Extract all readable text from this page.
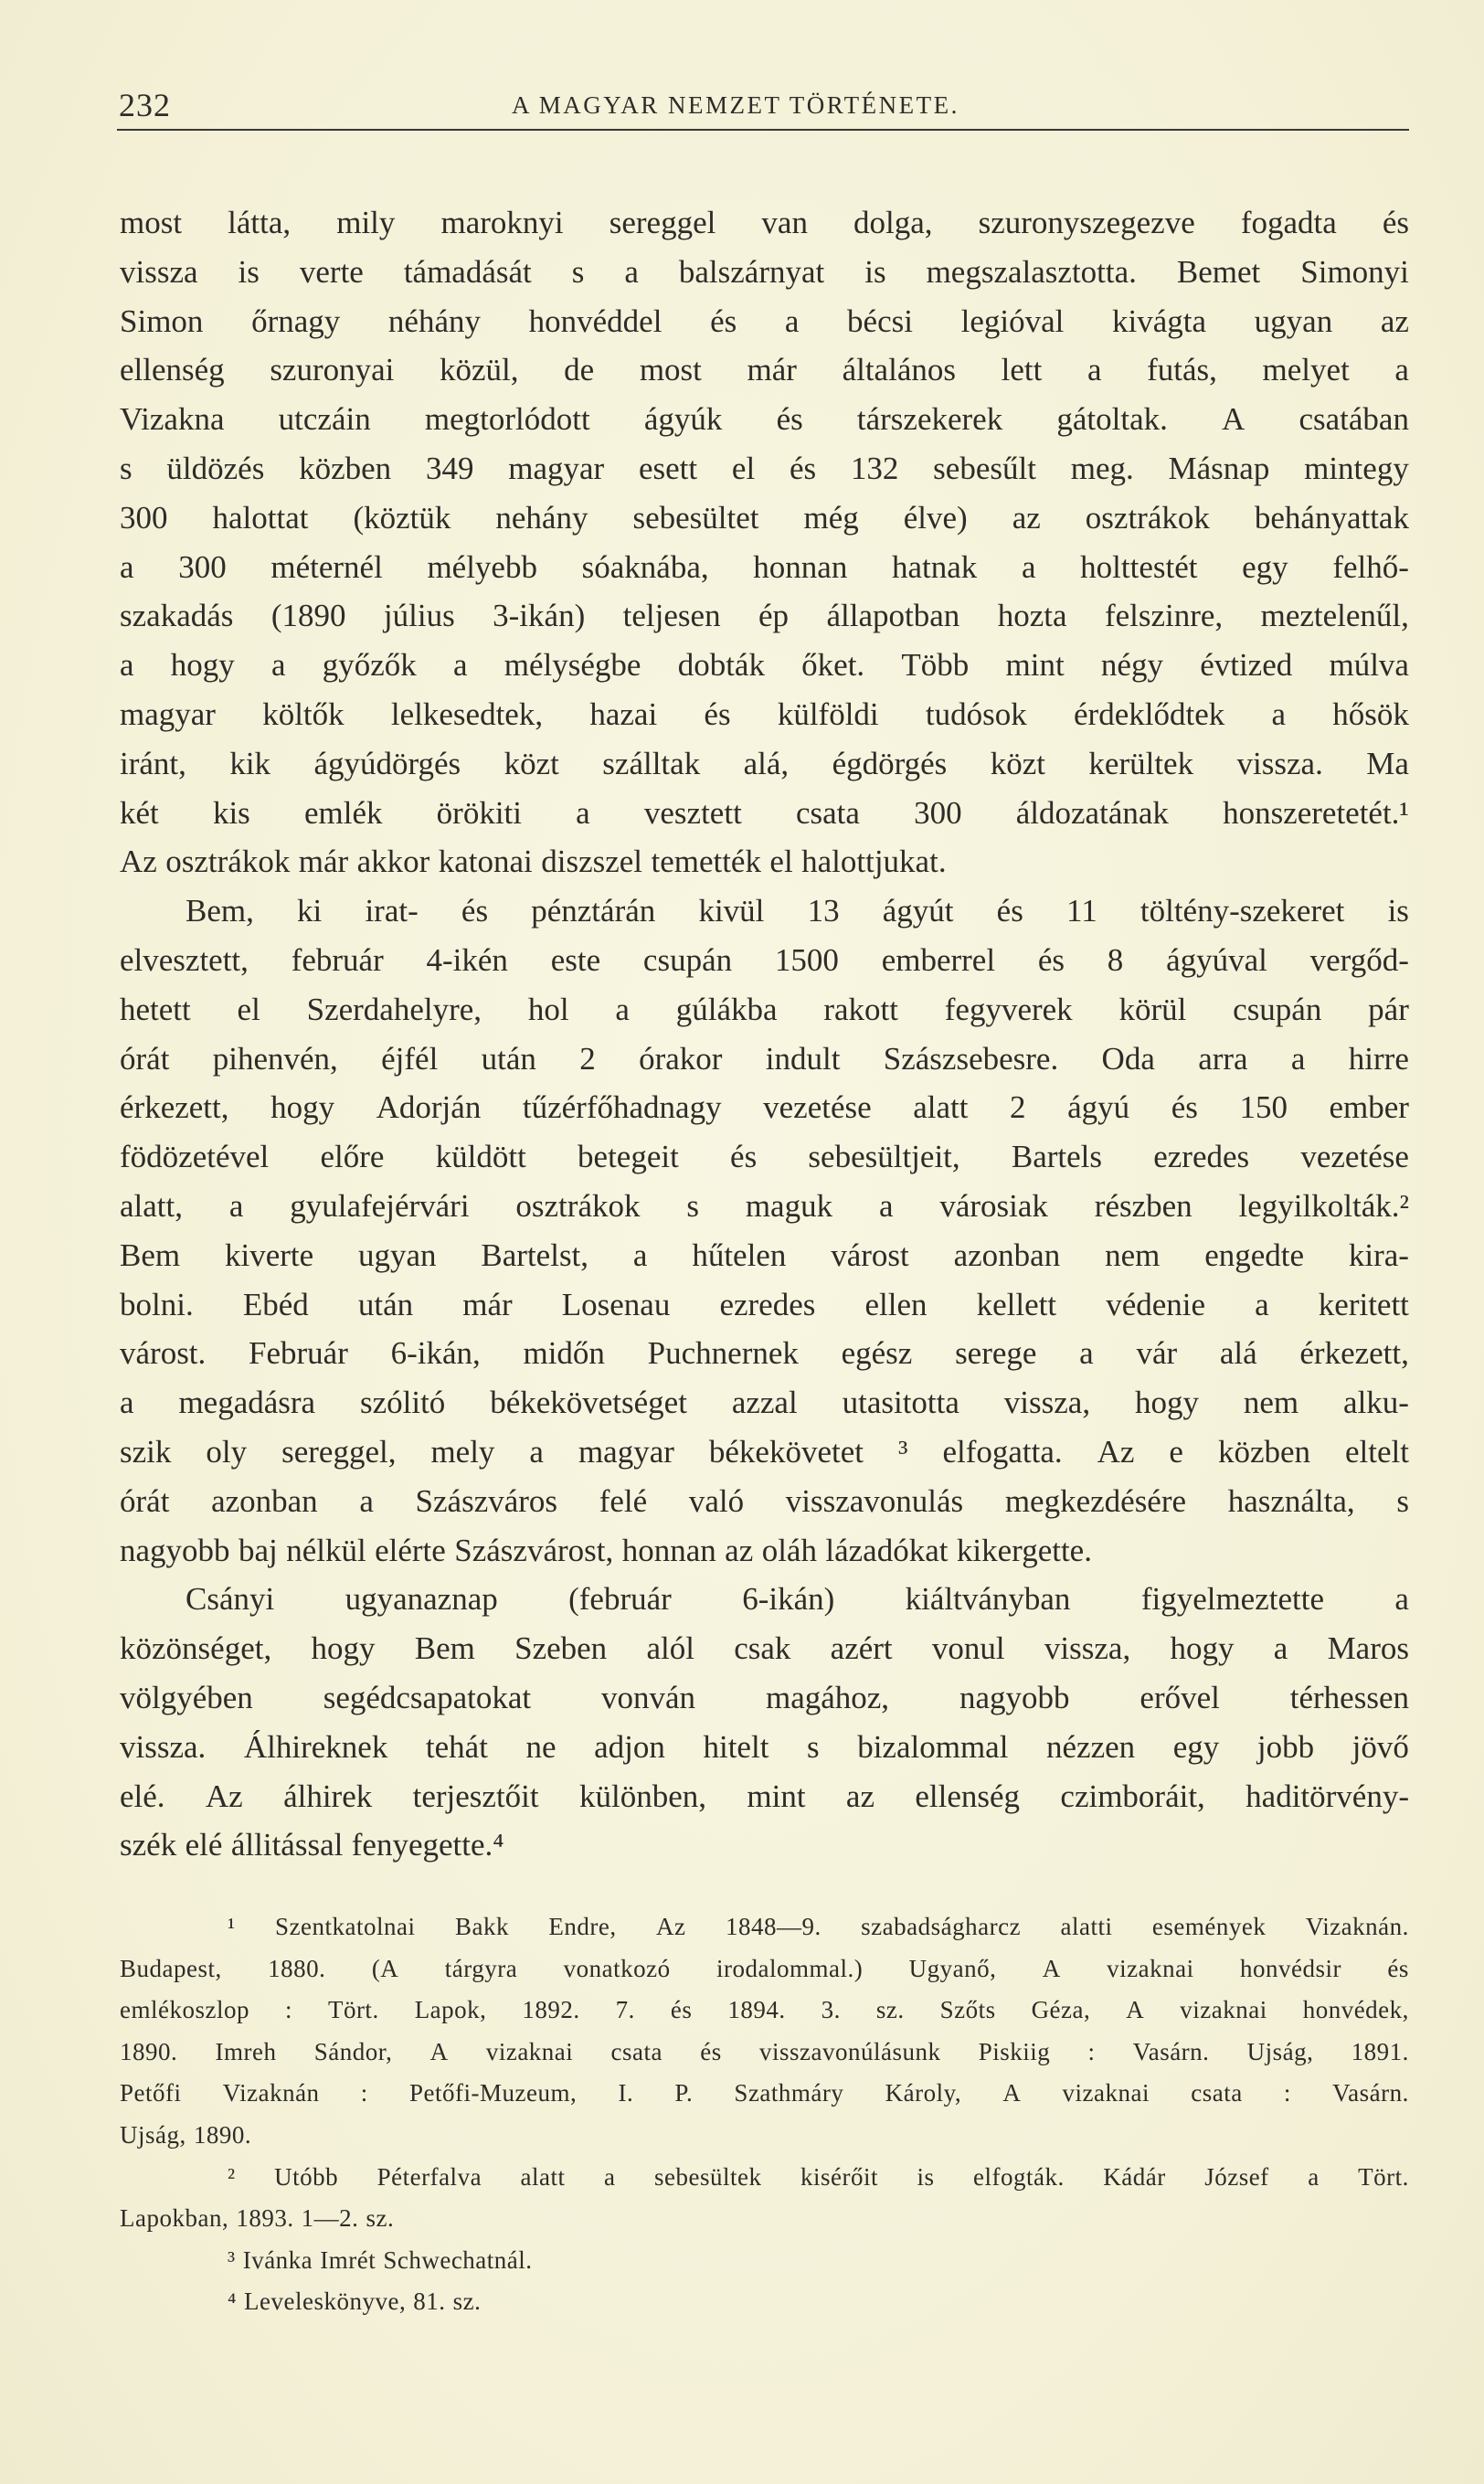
232	A MAGYAR NEMZET TÖRTÉNETE.
most látta, mily maroknyi sereggel van dolga, szuronyszegezve fogadta és
vissza is verte támadását s a balszárnyat is megszalasztotta. Bemet Simonyi
Simon őrnagy néhány honvéddel és a bécsi legióval kivágta ugyan az
ellenség szuronyai közül, de most már általános lett a futás, melyet a
Vizakna utczáin megtorlódott ágyúk és társzekerek gátoltak. A csatában
s üldözés közben 349 magyar esett el és 132 sebesűlt meg. Másnap mintegy
300 halottat (köztük nehány sebesültet még élve) az osztrákok behányattak
a 300 méternél mélyebb sóaknába, honnan hatnak a holttestét egy felhő-
szakadás (1890 július 3-ikán) teljesen ép állapotban hozta felszinre, meztelenűl,
a hogy a győzők a mélységbe dobták őket. Több mint négy évtized múlva
magyar költők lelkesedtek, hazai és külföldi tudósok érdeklődtek a hősök
iránt, kik ágyúdörgés közt szálltak alá, égdörgés közt kerültek vissza. Ma
két kis emlék örökiti a vesztett csata 300 áldozatának honszeretetét.¹
Az osztrákok már akkor katonai diszszel temették el halottjukat.
Bem, ki irat- és pénztárán kivül 13 ágyút és 11 töltény-szekeret is
elvesztett, február 4-ikén este csupán 1500 emberrel és 8 ágyúval vergőd-
hetett el Szerdahelyre, hol a gúlákba rakott fegyverek körül csupán pár
órát pihenvén, éjfél után 2 órakor indult Szászsebesre. Oda arra a hirre
érkezett, hogy Adorján tűzérfőhadnagy vezetése alatt 2 ágyú és 150 ember
födözetével előre küldött betegeit és sebesültjeit, Bartels ezredes vezetése
alatt, a gyulafejérvári osztrákok s maguk a városiak részben legyilkolták.²
Bem kiverte ugyan Bartelst, a hűtelen várost azonban nem engedte kira-
bolni. Ebéd után már Losenau ezredes ellen kellett védenie a keritett
várost. Február 6-ikán, midőn Puchnernek egész serege a vár alá érkezett,
a megadásra szólitó békekövetséget azzal utasitotta vissza, hogy nem alku-
szik oly sereggel, mely a magyar békekövetet ³ elfogatta. Az e közben eltelt
órát azonban a Szászváros felé való visszavonulás megkezdésére használta, s
nagyobb baj nélkül elérte Szászvárost, honnan az oláh lázadókat kikergette.
Csányi ugyanaznap (február 6-ikán) kiáltványban figyelmeztette a
közönséget, hogy Bem Szeben alól csak azért vonul vissza, hogy a Maros
völgyében segédcsapatokat vonván magához, nagyobb erővel térhessen
vissza. Álhireknek tehát ne adjon hitelt s bizalommal nézzen egy jobb jövő
elé. Az álhirek terjesztőit különben, mint az ellenség czimboráit, haditörvény-
szék elé állitással fenyegette.⁴
¹ Szentkatolnai Bakk Endre, Az 1848—9. szabadságharcz alatti események Vizaknán.
Budapest, 1880. (A tárgyra vonatkozó irodalommal.) Ugyanő, A vizaknai honvédsir és
emlékoszlop : Tört. Lapok, 1892. 7. és 1894. 3. sz. Szőts Géza, A vizaknai honvédek,
1890. Imreh Sándor, A vizaknai csata és visszavonúlásunk Piskiig : Vasárn. Ujság, 1891.
Petőfi Vizaknán : Petőfi-Muzeum, I. P. Szathmáry Károly, A vizaknai csata : Vasárn.
Ujság, 1890.
² Utóbb Péterfalva alatt a sebesültek kisérőit is elfogták. Kádár József a Tört.
Lapokban, 1893. 1—2. sz.
³ Ivánka Imrét Schwechatnál.
⁴ Leveleskönyve, 81. sz.
